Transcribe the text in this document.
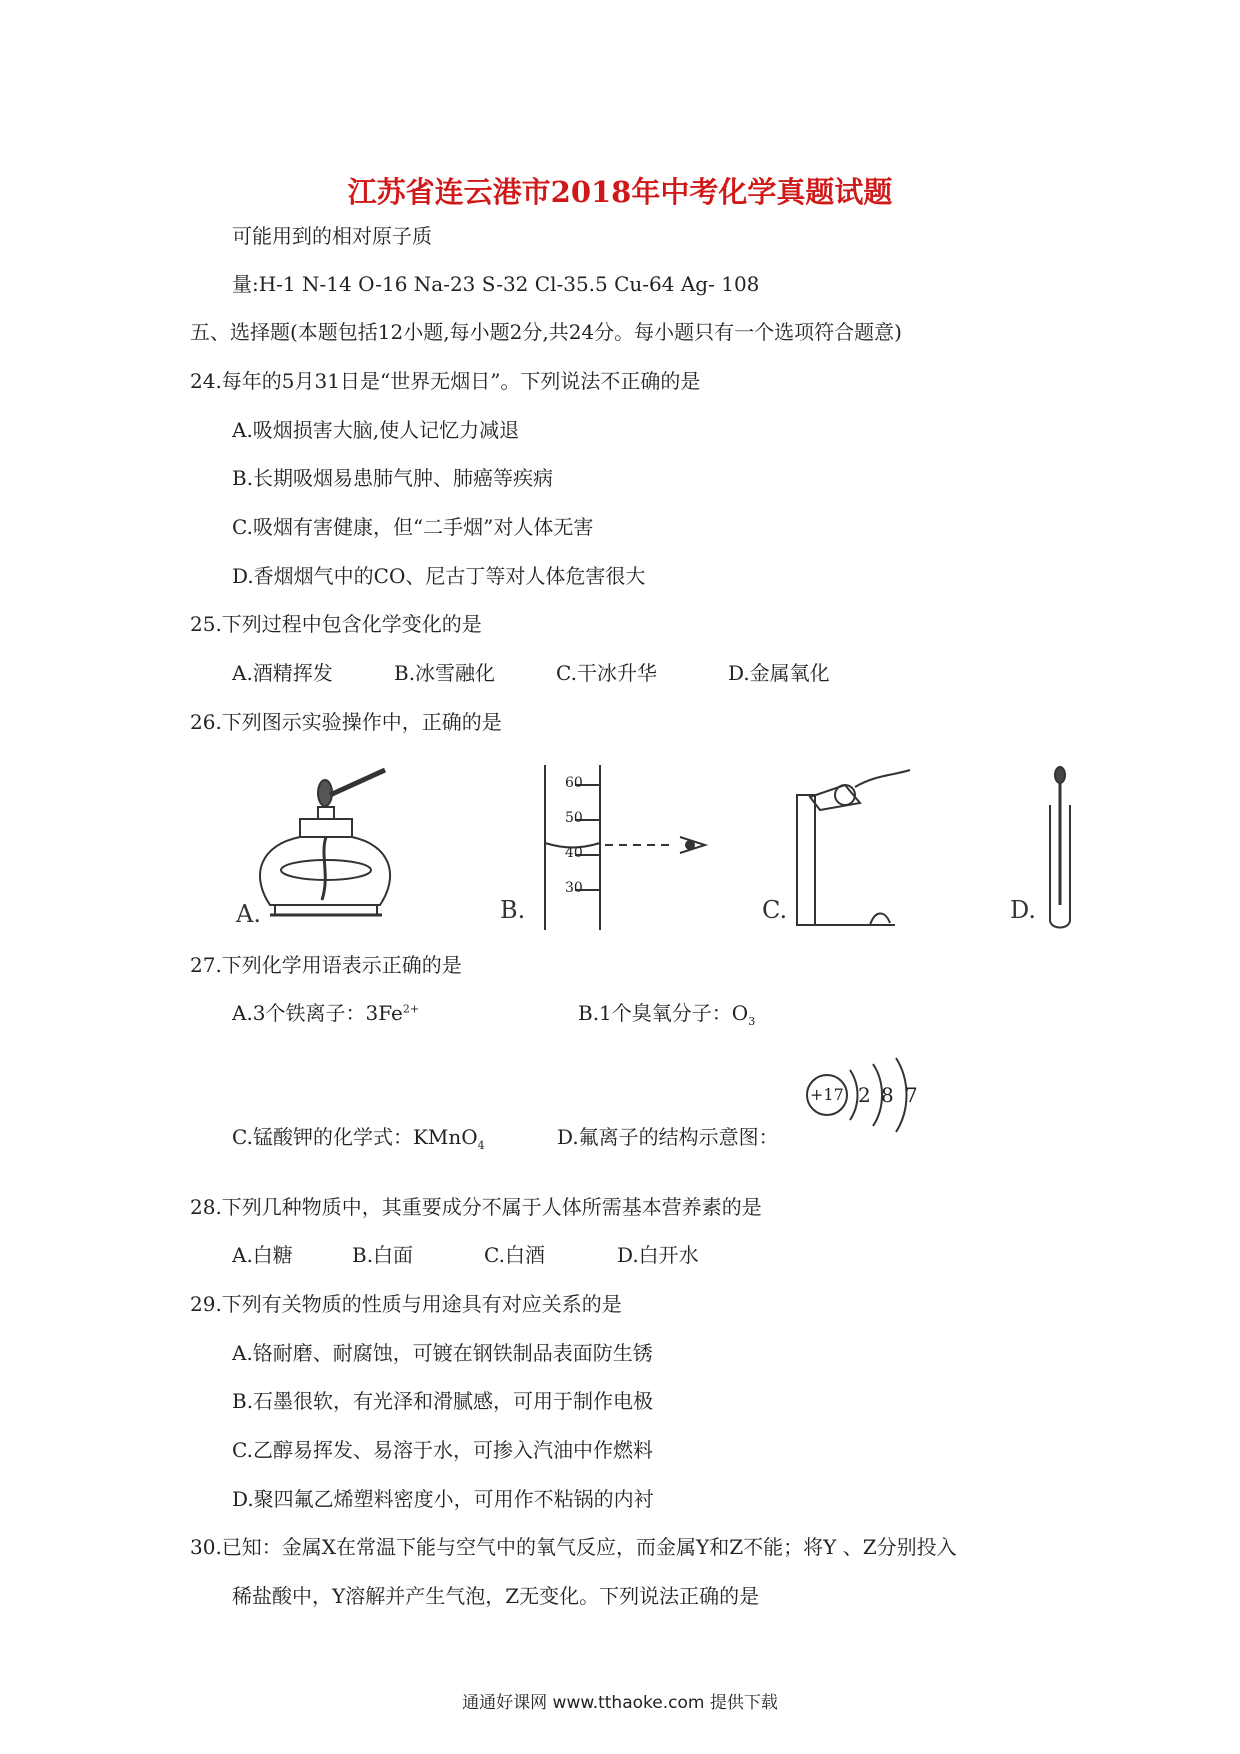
江苏省连云港市2018年中考化学真题试题
可能用到的相对原子质
量:H-1 N-14 O-16 Na-23 S-32 Cl-35.5 Cu-64 Ag- 108
五、选择题(本题包括12小题,每小题2分,共24分。每小题只有一个选项符合题意)
24.每年的5月31日是“世界无烟日”。下列说法不正确的是
A.吸烟损害大脑,使人记忆力减退
B.长期吸烟易患肺气肿、肺癌等疾病
C.吸烟有害健康，但“二手烟”对人体无害
D.香烟烟气中的CO、尼古丁等对人体危害很大
25.下列过程中包含化学变化的是
A.酒精挥发	B.冰雪融化	C.干冰升华	D.金属氧化
26.下列图示实验操作中，正确的是
A.
60
50
40
30
B.	C.	D.
27.下列化学用语表示正确的是
A.3个铁离子：$3Fe^{2+}$	B.1个臭氧分子：$O_3$
+17 2 8 7
C.锰酸钾的化学式：KMnO$_4$	D.氟离子的结构示意图：
28.下列几种物质中，其重要成分不属于人体所需基本营养素的是
A.白糖	B.白面	C.白酒	D.白开水
29.下列有关物质的性质与用途具有对应关系的是
A.铬耐磨、耐腐蚀，可镀在钢铁制品表面防生锈
B.石墨很软，有光泽和滑腻感，可用于制作电极
C.乙醇易挥发、易溶于水，可掺入汽油中作燃料
D.聚四氟乙烯塑料密度小，可用作不粘锅的内衬
30.已知：金属X在常温下能与空气中的氧气反应，而金属Y和Z不能；将Y 、Z分别投入
稀盐酸中，Y溶解并产生气泡，Z无变化。下列说法正确的是
通通好课网 www.tthaoke.com 提供下载
